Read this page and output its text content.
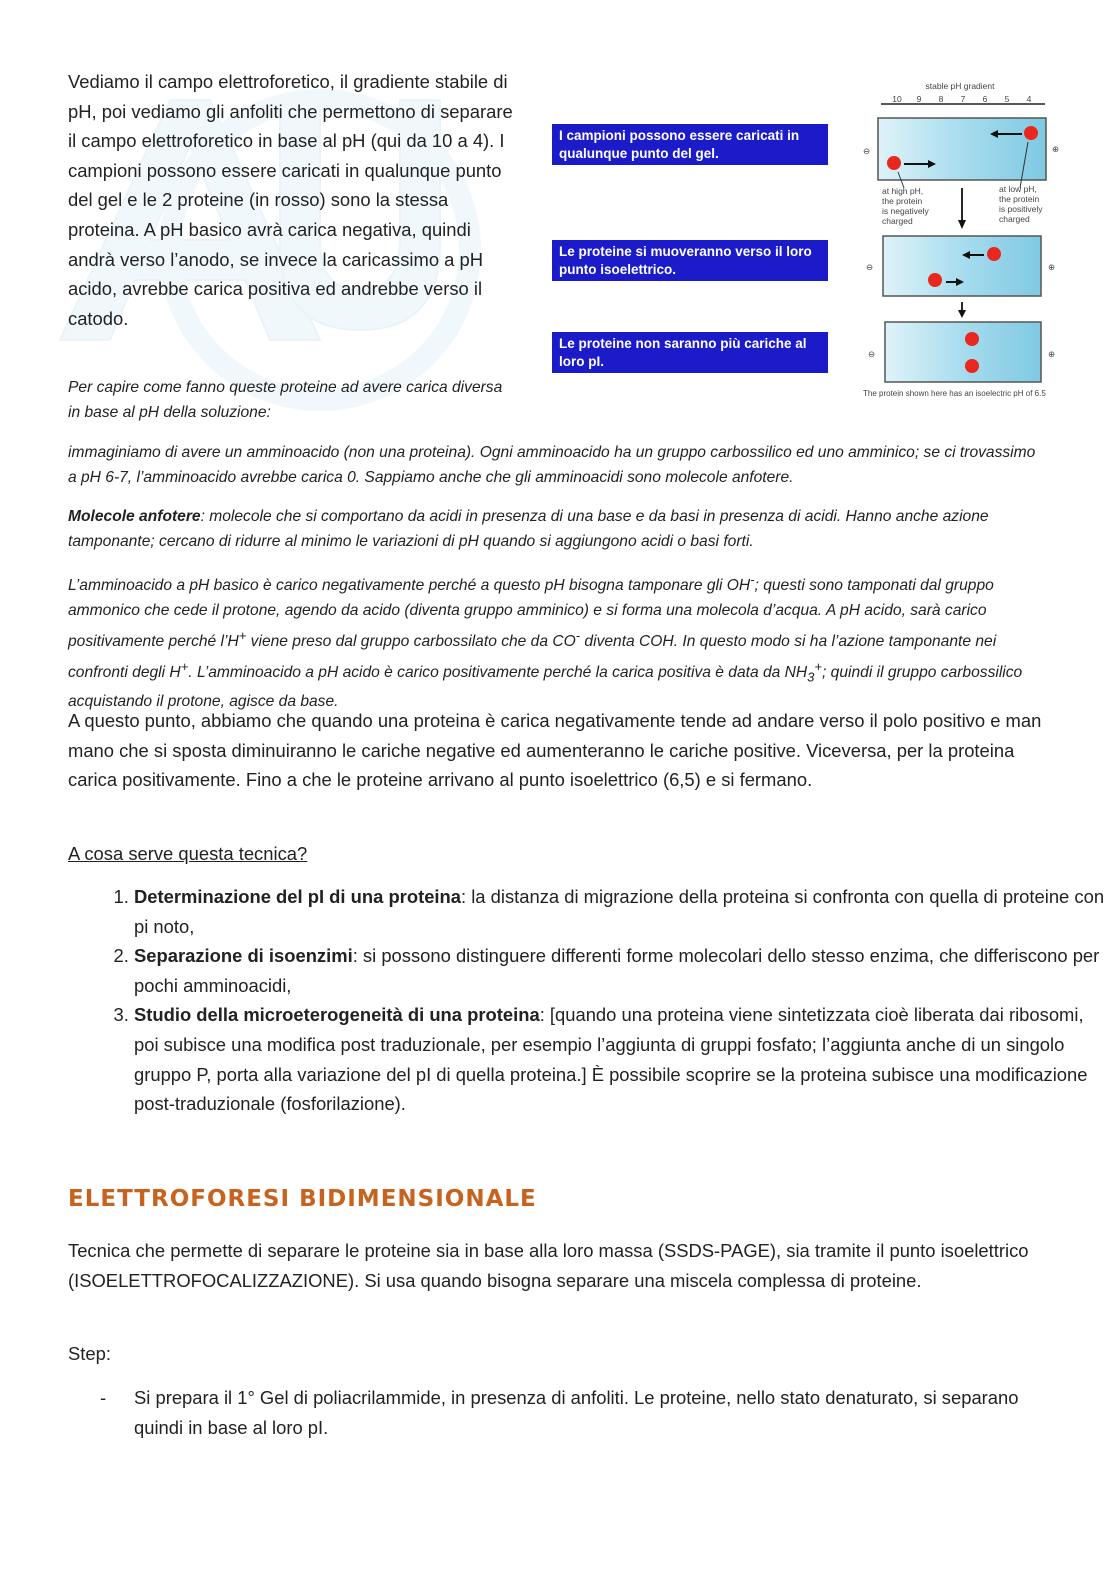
Vediamo il campo elettroforetico, il gradiente stabile di pH, poi vediamo gli anfoliti che permettono di separare il campo elettroforetico in base al pH (qui da 10 a 4). I campioni possono essere caricati in qualunque punto del gel e le 2 proteine (in rosso) sono la stessa proteina. A pH basico avrà carica negativa, quindi andrà verso l’anodo, se invece la caricassimo a pH acido, avrebbe carica positiva ed andrebbe verso il catodo.
Per capire come fanno queste proteine ad avere carica diversa in base al pH della soluzione:
I campioni possono essere caricati in qualunque punto del gel.
Le proteine si muoveranno verso il loro punto isoelettrico.
Le proteine non saranno più cariche al loro pI.
stable pH gradient
10 9 8 7 6 5 4
⊖	⊕
at high pH,
the protein
is negatively
charged
at low pH,
the protein
is positively
charged
⊖	⊕
⊖	⊕
The protein shown here has an isoelectric pH of 6.5
immaginiamo di avere un amminoacido (non una proteina). Ogni amminoacido ha un gruppo carbossilico ed uno amminico; se ci trovassimo a pH 6-7, l’amminoacido avrebbe carica 0. Sappiamo anche che gli amminoacidi sono molecole anfotere.
Molecole anfotere: molecole che si comportano da acidi in presenza di una base e da basi in presenza di acidi. Hanno anche azione tamponante; cercano di ridurre al minimo le variazioni di pH quando si aggiungono acidi o basi forti.
L’amminoacido a pH basico è carico negativamente perché a questo pH bisogna tamponare gli OH-; questi sono tamponati dal gruppo ammonico che cede il protone, agendo da acido (diventa gruppo amminico) e si forma una molecola d’acqua. A pH acido, sarà carico positivamente perché l’H+ viene preso dal gruppo carbossilato che da CO- diventa COH. In questo modo si ha l’azione tamponante nei confronti degli H+. L’amminoacido a pH acido è carico positivamente perché la carica positiva è data da $NH_3^+$; quindi il gruppo carbossilico acquistando il protone, agisce da base.
A questo punto, abbiamo che quando una proteina è carica negativamente tende ad andare verso il polo positivo e man mano che si sposta diminuiranno le cariche negative ed aumenteranno le cariche positive. Viceversa, per la proteina carica positivamente. Fino a che le proteine arrivano al punto isoelettrico (6,5) e si fermano.
A cosa serve questa tecnica?
1. Determinazione del pI di una proteina: la distanza di migrazione della proteina si confronta con quella di proteine con pi noto,
2. Separazione di isoenzimi: si possono distinguere differenti forme molecolari dello stesso enzima, che differiscono per pochi amminoacidi,
3. Studio della microeterogeneità di una proteina: [quando una proteina viene sintetizzata cioè liberata dai ribosomi, poi subisce una modifica post traduzionale, per esempio l’aggiunta di gruppi fosfato; l’aggiunta anche di un singolo gruppo P, porta alla variazione del pI di quella proteina.] È possibile scoprire se la proteina subisce una modificazione post-traduzionale (fosforilazione).
ELETTROFORESI BIDIMENSIONALE
Tecnica che permette di separare le proteine sia in base alla loro massa (SSDS-PAGE), sia tramite il punto isoelettrico (ISOELETTROFOCALIZZAZIONE). Si usa quando bisogna separare una miscela complessa di proteine.
Step:
- Si prepara il 1° Gel di poliacrilammide, in presenza di anfoliti. Le proteine, nello stato denaturato, si separano quindi in base al loro pI.
